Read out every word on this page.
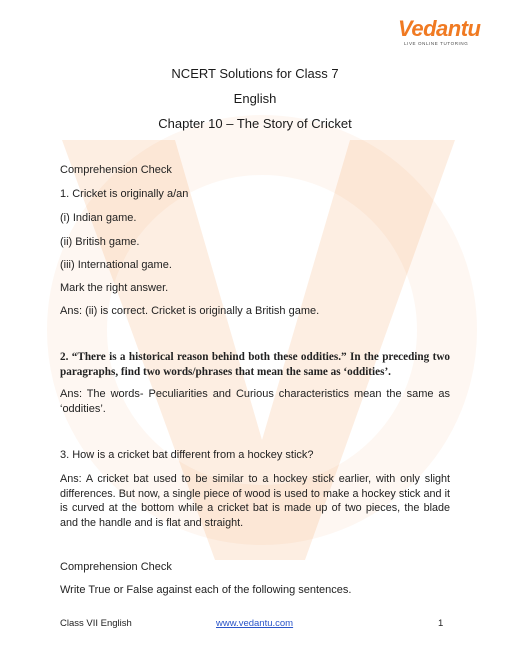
Vedantu
LIVE ONLINE TUTORING
NCERT Solutions for Class 7
English
Chapter 10 – The Story of Cricket
Comprehension Check
1. Cricket is originally a/an
(i) Indian game.
(ii) British game.
(iii) International game.
Mark the right answer.
Ans: (ii) is correct. Cricket is originally a British game.
2. “There is a historical reason behind both these oddities.” In the preceding two paragraphs, find two words/phrases that mean the same as ‘oddities’.
Ans: The words- Peculiarities and Curious characteristics mean the same as ‘oddities’.
3. How is a cricket bat different from a hockey stick?
Ans: A cricket bat used to be similar to a hockey stick earlier, with only slight differences. But now, a single piece of wood is used to make a hockey stick and it is curved at the bottom while a cricket bat is made up of two pieces, the blade and the handle and is flat and straight.
Comprehension Check
Write True or False against each of the following sentences.
Class VII English	www.vedantu.com	1
